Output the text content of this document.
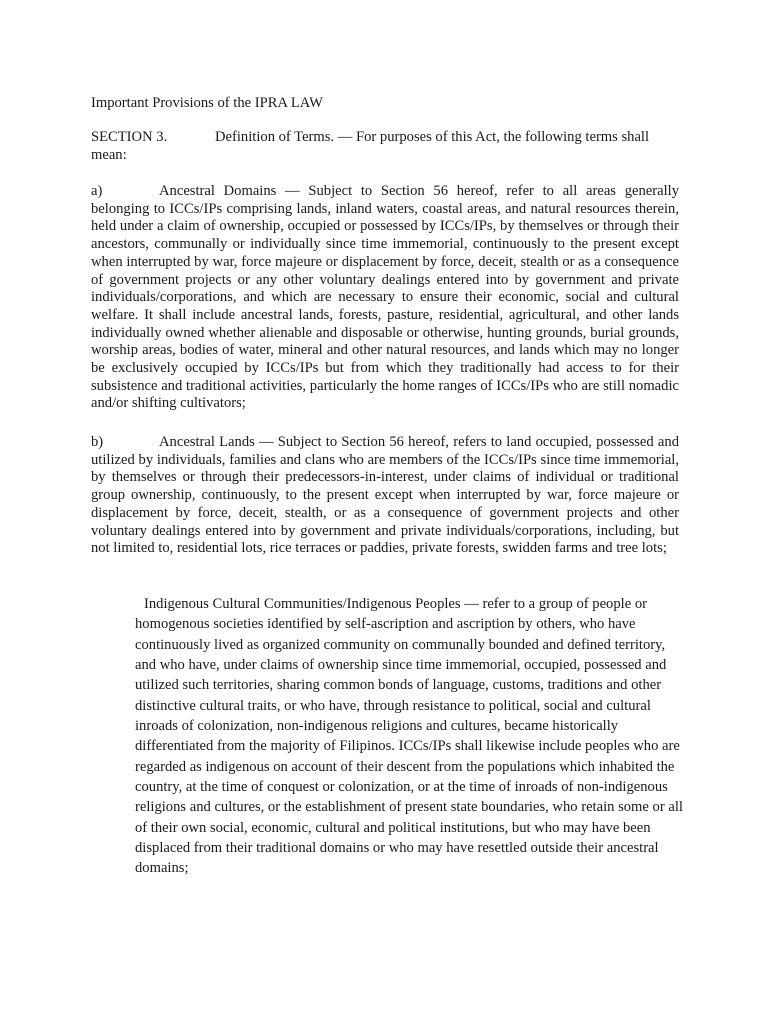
Important Provisions of the IPRA LAW
SECTION 3.	Definition of Terms. — For purposes of this Act, the following terms shall mean:
a)	Ancestral Domains — Subject to Section 56 hereof, refer to all areas generally belonging to ICCs/IPs comprising lands, inland waters, coastal areas, and natural resources therein, held under a claim of ownership, occupied or possessed by ICCs/IPs, by themselves or through their ancestors, communally or individually since time immemorial, continuously to the present except when interrupted by war, force majeure or displacement by force, deceit, stealth or as a consequence of government projects or any other voluntary dealings entered into by government and private individuals/corporations, and which are necessary to ensure their economic, social and cultural welfare. It shall include ancestral lands, forests, pasture, residential, agricultural, and other lands individually owned whether alienable and disposable or otherwise, hunting grounds, burial grounds, worship areas, bodies of water, mineral and other natural resources, and lands which may no longer be exclusively occupied by ICCs/IPs but from which they traditionally had access to for their subsistence and traditional activities, particularly the home ranges of ICCs/IPs who are still nomadic and/or shifting cultivators;
b)	Ancestral Lands — Subject to Section 56 hereof, refers to land occupied, possessed and utilized by individuals, families and clans who are members of the ICCs/IPs since time immemorial, by themselves or through their predecessors-in-interest, under claims of individual or traditional group ownership, continuously, to the present except when interrupted by war, force majeure or displacement by force, deceit, stealth, or as a consequence of government projects and other voluntary dealings entered into by government and private individuals/corporations, including, but not limited to, residential lots, rice terraces or paddies, private forests, swidden farms and tree lots;
Indigenous Cultural Communities/Indigenous Peoples — refer to a group of people or homogenous societies identified by self-ascription and ascription by others, who have continuously lived as organized community on communally bounded and defined territory, and who have, under claims of ownership since time immemorial, occupied, possessed and utilized such territories, sharing common bonds of language, customs, traditions and other distinctive cultural traits, or who have, through resistance to political, social and cultural inroads of colonization, non-indigenous religions and cultures, became historically differentiated from the majority of Filipinos. ICCs/IPs shall likewise include peoples who are regarded as indigenous on account of their descent from the populations which inhabited the country, at the time of conquest or colonization, or at the time of inroads of non-indigenous religions and cultures, or the establishment of present state boundaries, who retain some or all of their own social, economic, cultural and political institutions, but who may have been displaced from their traditional domains or who may have resettled outside their ancestral domains;
